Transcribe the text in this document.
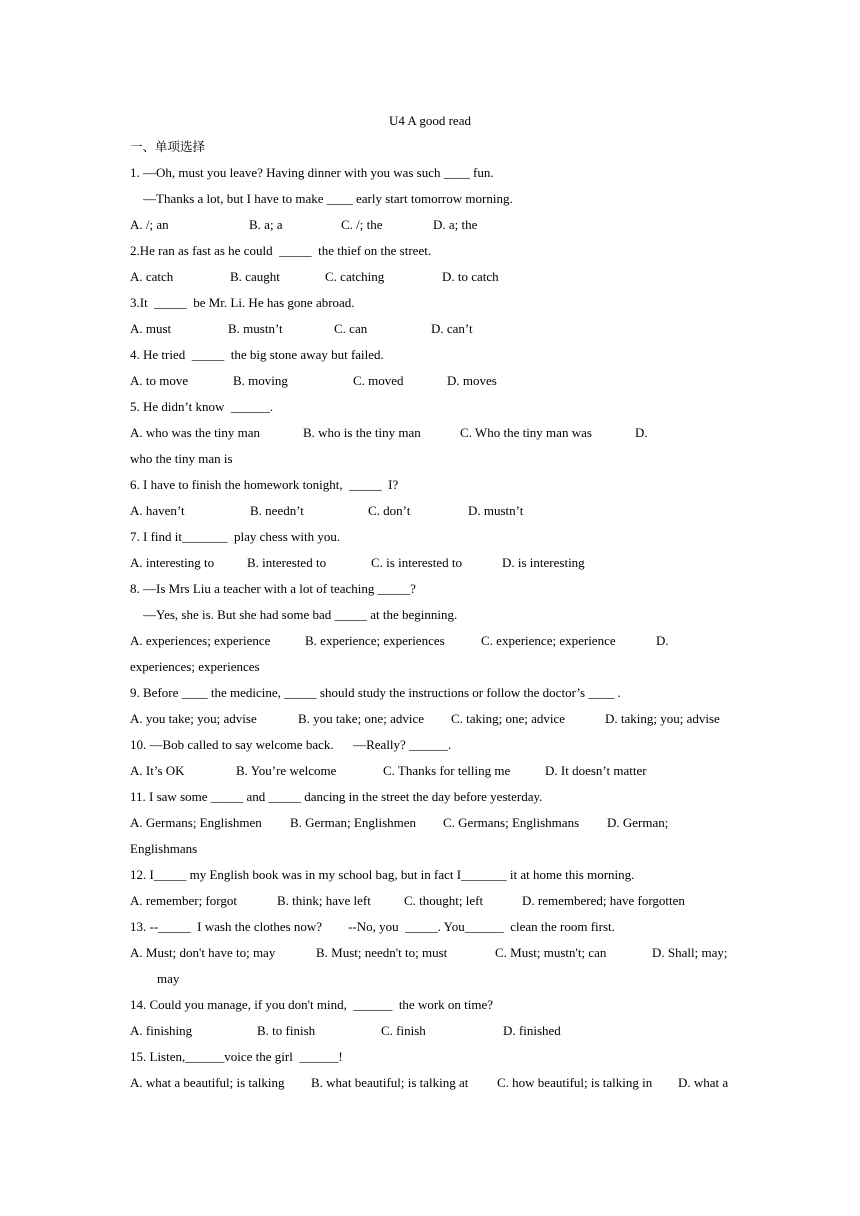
U4 A good read
一、单项选择
1. —Oh, must you leave? Having dinner with you was such ____ fun.
—Thanks a lot, but I have to make ____ early start tomorrow morning.
A. /; an	B. a; a	C. /; the	D. a; the
2.He ran as fast as he could  _____  the thief on the street.
A. catch	B. caught	C. catching	D. to catch
3.It  _____  be Mr. Li. He has gone abroad.
A. must	B. mustn’t	C. can	D. can’t
4. He tried  _____  the big stone away but failed.
A. to move	B. moving	C. moved	D. moves
5. He didn’t know  ______.
A. who was the tiny man	B. who is the tiny man	C. Who the tiny man was	D.
who the tiny man is
6. I have to finish the homework tonight,  _____  I?
A. haven’t	B. needn’t	C. don’t	D. mustn’t
7. I find it_______  play chess with you.
A. interesting to	B. interested to	C. is interested to	D. is interesting
8. —Is Mrs Liu a teacher with a lot of teaching _____?
—Yes, she is. But she had some bad _____ at the beginning.
A. experiences; experience	B. experience; experiences	C. experience; experience	D.
experiences; experiences
9. Before ____ the medicine, _____ should study the instructions or follow the doctor’s ____ .
A. you take; you; advise	B. you take; one; advice C. taking; one; advice	D. taking; you; advise
10. —Bob called to say welcome back.      —Really? ______.
A. It’s OK	B. You’re welcome	C. Thanks for telling me	D. It doesn’t matter
11. I saw some _____ and _____ dancing in the street the day before yesterday.
A. Germans; Englishmen B. German; Englishmen C. Germans; Englishmans D. German;
Englishmans
12. I_____ my English book was in my school bag, but in fact I_______ it at home this morning.
A. remember; forgot	B. think; have left	C. thought; left	D. remembered; have forgotten
13. --_____  I wash the clothes now?        --No, you  _____. You______  clean the room first.
A. Must; don't have to; may	B. Must; needn't to; must	C. Must; mustn't; can	D. Shall; may;
may
14. Could you manage, if you don't mind,  ______  the work on time?
A. finishing	B. to finish	C. finish	D. finished
15. Listen,______voice the girl  ______!
A. what a beautiful; is talking B. what beautiful; is talking at C. how beautiful; is talking in D. what a
